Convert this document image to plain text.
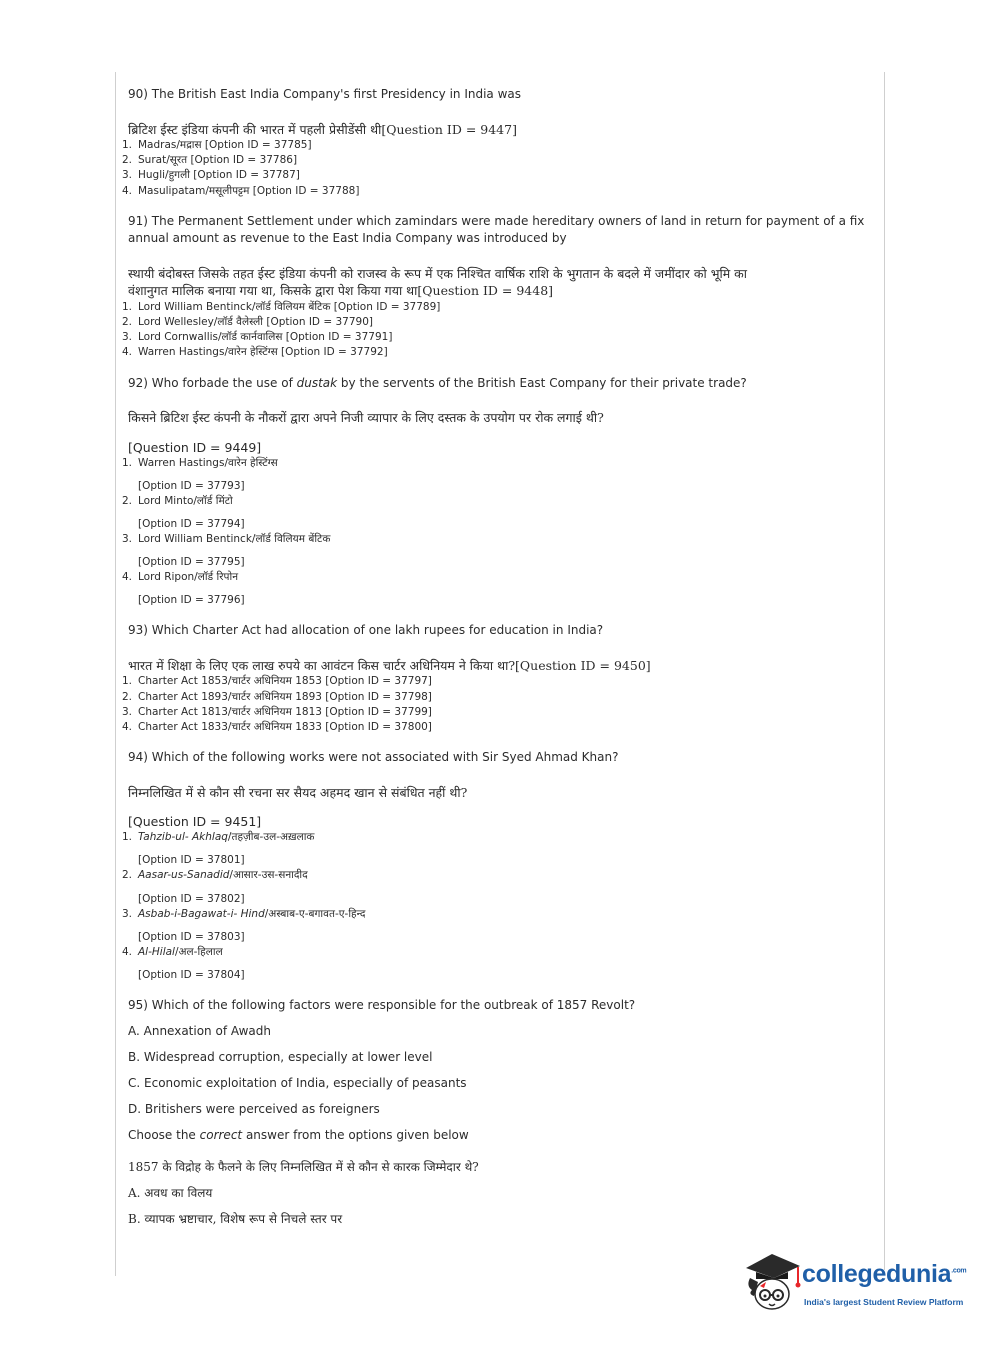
90) The British East India Company's first Presidency in India was

ब्रिटिश ईस्ट इंडिया कंपनी की भारत में पहली प्रेसीडेंसी थी[Question ID = 9447]

1. Madras/मद्रास [Option ID = 37785]
2. Surat/सूरत [Option ID = 37786]
3. Hugli/हुगली [Option ID = 37787]
4. Masulipatam/मसूलीपट्टम [Option ID = 37788]

91) The Permanent Settlement under which zamindars were made hereditary owners of land in return for payment of a fix

annual amount as revenue to the East India Company was introduced by

स्थायी बंदोबस्त जिसके तहत ईस्ट इंडिया कंपनी को राजस्व के रूप में एक निश्चित वार्षिक राशि के भुगतान के बदले में जमींदार को भूमि का

वंशानुगत मालिक बनाया गया था, किसके द्वारा पेश किया गया था[Question ID = 9448]

1. Lord William Bentinck/लॉर्ड विलियम बेंटिक [Option ID = 37789]
2. Lord Wellesley/लॉर्ड वैलेस्ली [Option ID = 37790]
3. Lord Cornwallis/लॉर्ड कार्नवालिस [Option ID = 37791]
4. Warren Hastings/वारेन हेस्टिंग्स [Option ID = 37792]

92) Who forbade the use of dustak by the servents of the British East Company for their private trade?

किसने ब्रिटिश ईस्ट कंपनी के नौकरों द्वारा अपने निजी व्यापार के लिए दस्तक के उपयोग पर रोक लगाई थी?

[Question ID = 9449]

1. Warren Hastings/वारेन हेस्टिंग्स
[Option ID = 37793]
2. Lord Minto/लॉर्ड मिंटो
[Option ID = 37794]
3. Lord William Bentinck/लॉर्ड विलियम बेंटिक
[Option ID = 37795]
4. Lord Ripon/लॉर्ड रिपोन
[Option ID = 37796]

93) Which Charter Act had allocation of one lakh rupees for education in India?

भारत में शिक्षा के लिए एक लाख रुपये का आवंटन किस चार्टर अधिनियम ने किया था?[Question ID = 9450]

1. Charter Act 1853/चार्टर अधिनियम 1853 [Option ID = 37797]
2. Charter Act 1893/चार्टर अधिनियम 1893 [Option ID = 37798]
3. Charter Act 1813/चार्टर अधिनियम 1813 [Option ID = 37799]
4. Charter Act 1833/चार्टर अधिनियम 1833 [Option ID = 37800]

94) Which of the following works were not associated with Sir Syed Ahmad Khan?

निम्नलिखित में से कौन सी रचना सर सैयद अहमद खान से संबंधित नहीं थी?

[Question ID = 9451]

1. Tahzib-ul- Akhlaq/तहज़ीब-उल-अख़लाक
[Option ID = 37801]
2. Aasar-us-Sanadid/आसार-उस-सनादीद
[Option ID = 37802]
3. Asbab-i-Bagawat-i- Hind/अस्बाब-ए-बगावत-ए-हिन्द
[Option ID = 37803]
4. Al-Hilal/अल-हिलाल
[Option ID = 37804]

95) Which of the following factors were responsible for the outbreak of 1857 Revolt?

A. Annexation of Awadh

B. Widespread corruption, especially at lower level

C. Economic exploitation of India, especially of peasants

D. Britishers were perceived as foreigners

Choose the correct answer from the options given below

1857 के विद्रोह के फैलने के लिए निम्नलिखित में से कौन से कारक जिम्मेदार थे?

A. अवध का विलय

B. व्यापक भ्रष्टाचार, विशेष रूप से निचले स्तर पर

collegedunia$^{.com}$
India's largest Student Review Platform
